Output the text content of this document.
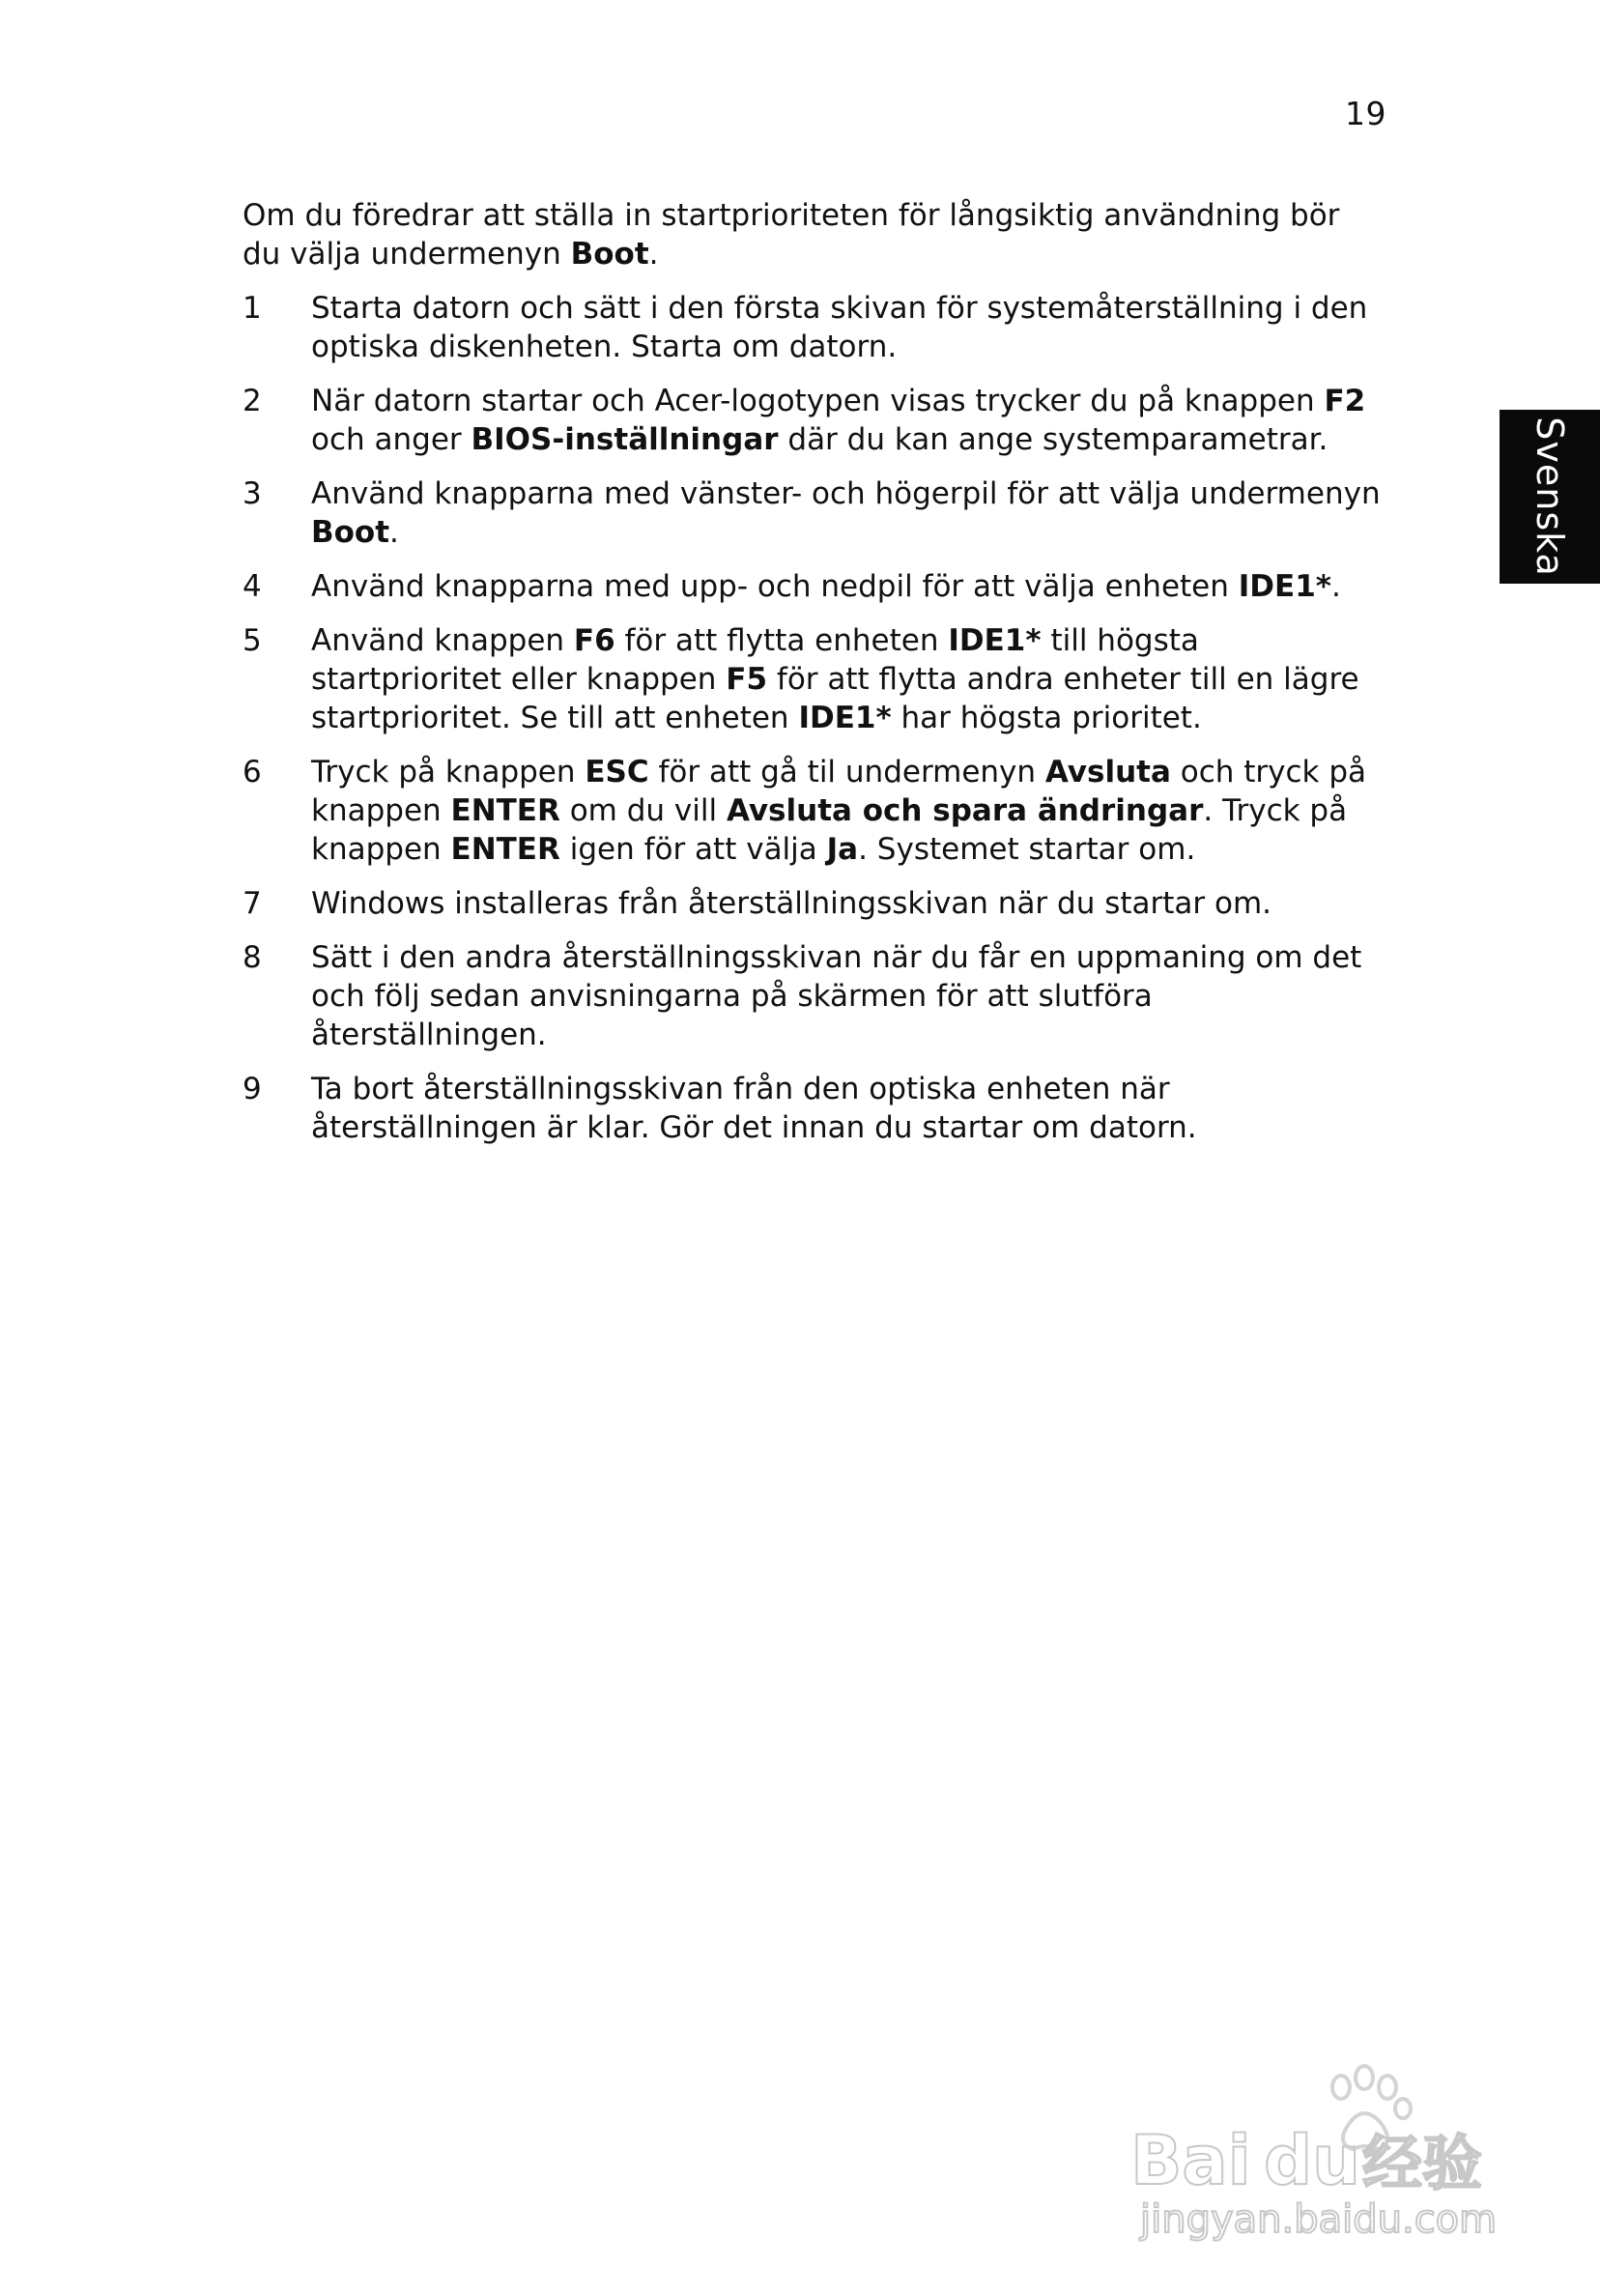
19
Svenska

Om du föredrar att ställa in startprioriteten för långsiktig användning bör du välja undermenyn Boot.

1	Starta datorn och sätt i den första skivan för systemåterställning i den optiska diskenheten. Starta om datorn.
2	När datorn startar och Acer-logotypen visas trycker du på knappen F2 och anger BIOS-inställningar där du kan ange systemparametrar.
3	Använd knapparna med vänster- och högerpil för att välja undermenyn Boot.
4	Använd knapparna med upp- och nedpil för att välja enheten IDE1*.
5	Använd knappen F6 för att flytta enheten IDE1* till högsta startprioritet eller knappen F5 för att flytta andra enheter till en lägre startprioritet. Se till att enheten IDE1* har högsta prioritet.
6	Tryck på knappen ESC för att gå til undermenyn Avsluta och tryck på knappen ENTER om du vill Avsluta och spara ändringar. Tryck på knappen ENTER igen för att välja Ja. Systemet startar om.
7	Windows installeras från återställningsskivan när du startar om.
8	Sätt i den andra återställningsskivan när du får en uppmaning om det och följ sedan anvisningarna på skärmen för att slutföra återställningen.
9	Ta bort återställningsskivan från den optiska enheten när återställningen är klar. Gör det innan du startar om datorn.
Bai du 经验
jingyan.baidu.com
